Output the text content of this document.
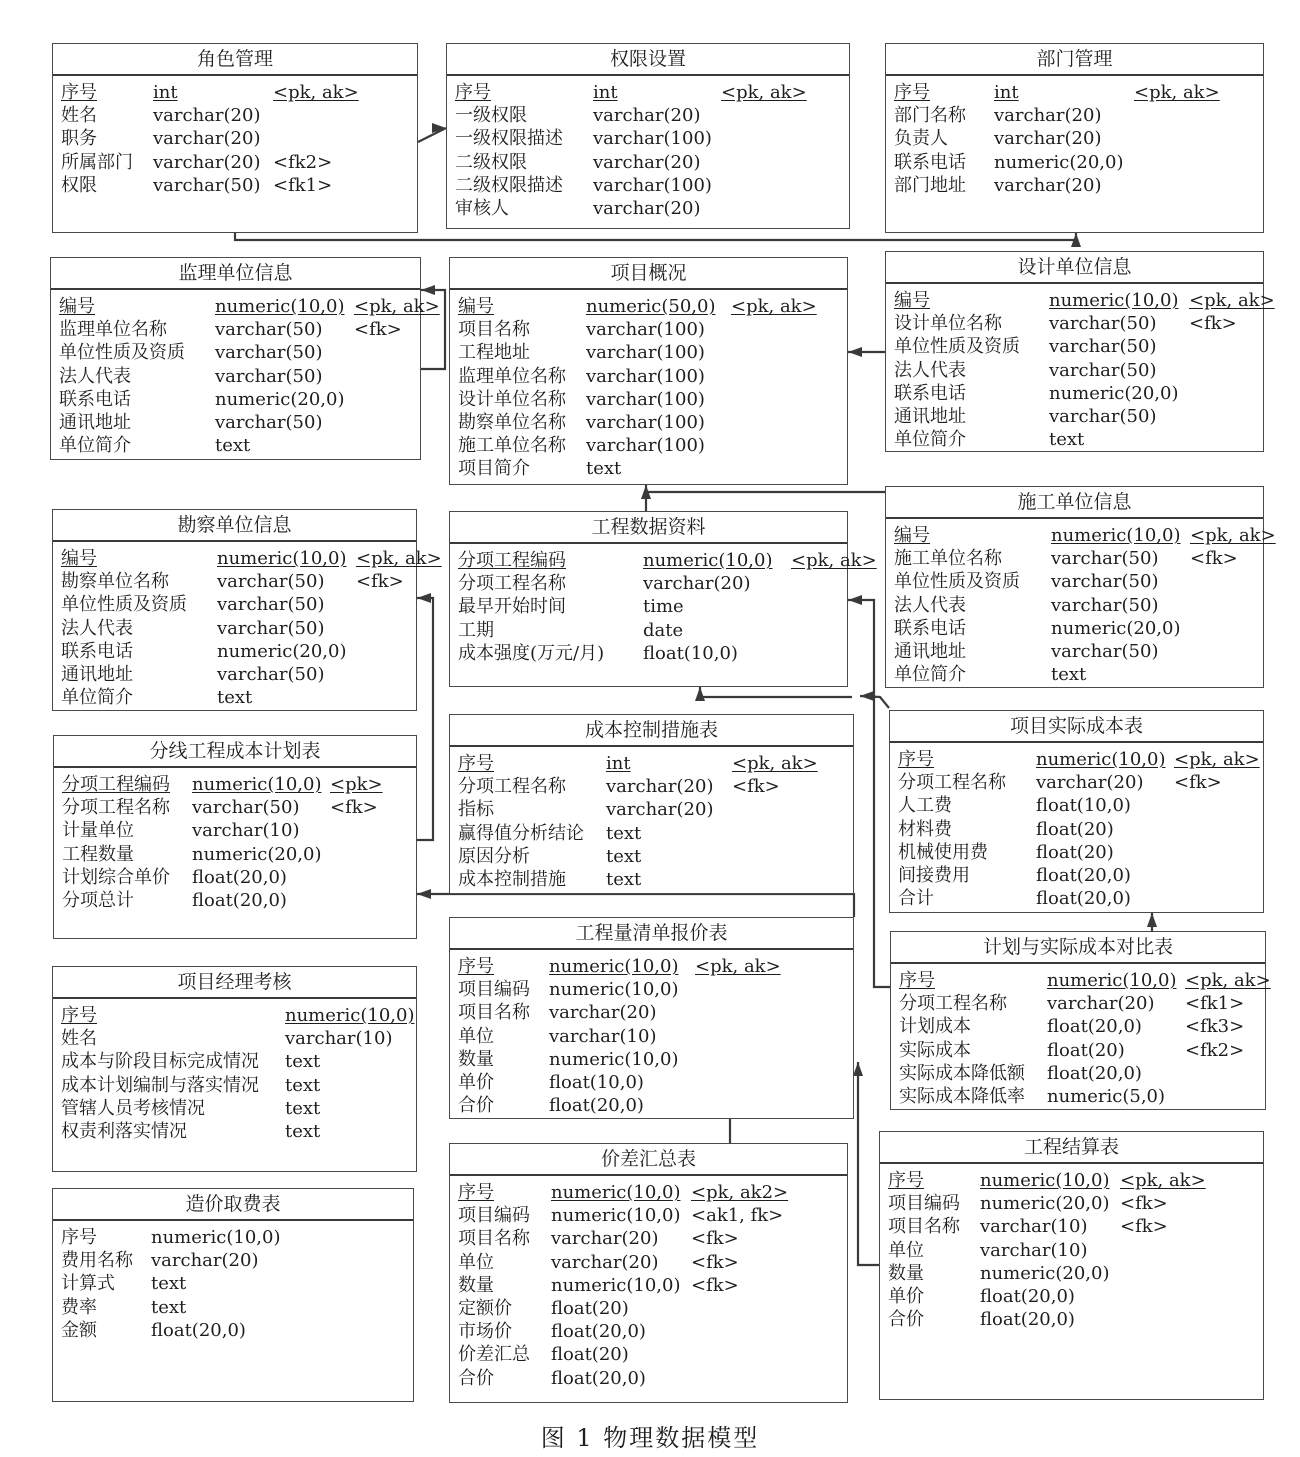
角色管理
序号	int	<pk, ak>
姓名	varchar(20)
职务	varchar(20)
所属部门 varchar(20) <fk2>
权限	varchar(50) <fk1>
权限设置
序号	int	<pk, ak>
一级权限	varchar(20)
一级权限描述 varchar(100)
二级权限	varchar(20)
二级权限描述 varchar(100)
审核人	varchar(20)
部门管理
序号	int	<pk, ak>
部门名称 varchar(20)
负责人	varchar(20)
联系电话 numeric(20,0)
部门地址 varchar(20)
监理单位信息
编号	numeric(10,0) <pk, ak>
监理单位名称	varchar(50) <fk>
单位性质及资质 varchar(50)
法人代表	varchar(50)
联系电话	numeric(20,0)
通讯地址	varchar(50)
单位简介	text
项目概况
编号	numeric(50,0) <pk, ak>
项目名称	varchar(100)
工程地址	varchar(100)
监理单位名称 varchar(100)
设计单位名称 varchar(100)
勘察单位名称 varchar(100)
施工单位名称 varchar(100)
项目简介	text
设计单位信息
编号	numeric(10,0) <pk, ak>
设计单位名称	varchar(50) <fk>
单位性质及资质 varchar(50)
法人代表	varchar(50)
联系电话	numeric(20,0)
通讯地址	varchar(50)
单位简介	text
勘察单位信息
编号	numeric(10,0) <pk, ak>
勘察单位名称	varchar(50) <fk>
单位性质及资质 varchar(50)
法人代表	varchar(50)
联系电话	numeric(20,0)
通讯地址	varchar(50)
单位简介	text
工程数据资料
分项工程编码	numeric(10,0) <pk, ak>
分项工程名称	varchar(20)
最早开始时间	time
工期	date
成本强度(万元/月) float(10,0)
施工单位信息
编号	numeric(10,0) <pk, ak>
施工单位名称	varchar(50) <fk>
单位性质及资质 varchar(50)
法人代表	varchar(50)
联系电话	numeric(20,0)
通讯地址	varchar(50)
单位简介	text
分线工程成本计划表
分项工程编码 numeric(10,0) <pk>
分项工程名称 varchar(50) <fk>
计量单位	varchar(10)
工程数量	numeric(20,0)
计划综合单价 float(20,0)
分项总计	float(20,0)
成本控制措施表
序号	int	<pk, ak>
分项工程名称 varchar(20) <fk>
指标	varchar(20)
赢得值分析结论 text
原因分析	text
成本控制措施 text
项目实际成本表
序号	numeric(10,0) <pk, ak>
分项工程名称 varchar(20) <fk>
人工费	float(10,0)
材料费	float(20)
机械使用费	float(20)
间接费用	float(20,0)
合计	float(20,0)
项目经理考核
序号	numeric(10,0)
姓名	varchar(10)
成本与阶段目标完成情况 text
成本计划编制与落实情况 text
管辖人员考核情况	text
权责利落实情况	text
工程量清单报价表
序号	numeric(10,0) <pk, ak>
项目编码 numeric(10,0)
项目名称 varchar(20)
单位	varchar(10)
数量	numeric(10,0)
单价	float(10,0)
合价	float(20,0)
计划与实际成本对比表
序号	numeric(10,0) <pk, ak>
分项工程名称 varchar(20) <fk1>
计划成本	float(20,0) <fk3>
实际成本	float(20)	<fk2>
实际成本降低额 float(20,0)
实际成本降低率 numeric(5,0)
造价取费表
序号	numeric(10,0)
费用名称 varchar(20)
计算式 text
费率	text
金额	float(20,0)
价差汇总表
序号	numeric(10,0) <pk, ak2>
项目编码 numeric(10,0) <ak1, fk>
项目名称 varchar(20) <fk>
单位	varchar(20) <fk>
数量	numeric(10,0) <fk>
定额价 float(20)
市场价 float(20,0)
价差汇总 float(20)
合价	float(20,0)
工程结算表
序号	numeric(10,0) <pk, ak>
项目编码 numeric(20,0) <fk>
项目名称 varchar(10) <fk>
单位	varchar(10)
数量	numeric(20,0)
单价	float(20,0)
合价	float(20,0)
图 1 物理数据模型
